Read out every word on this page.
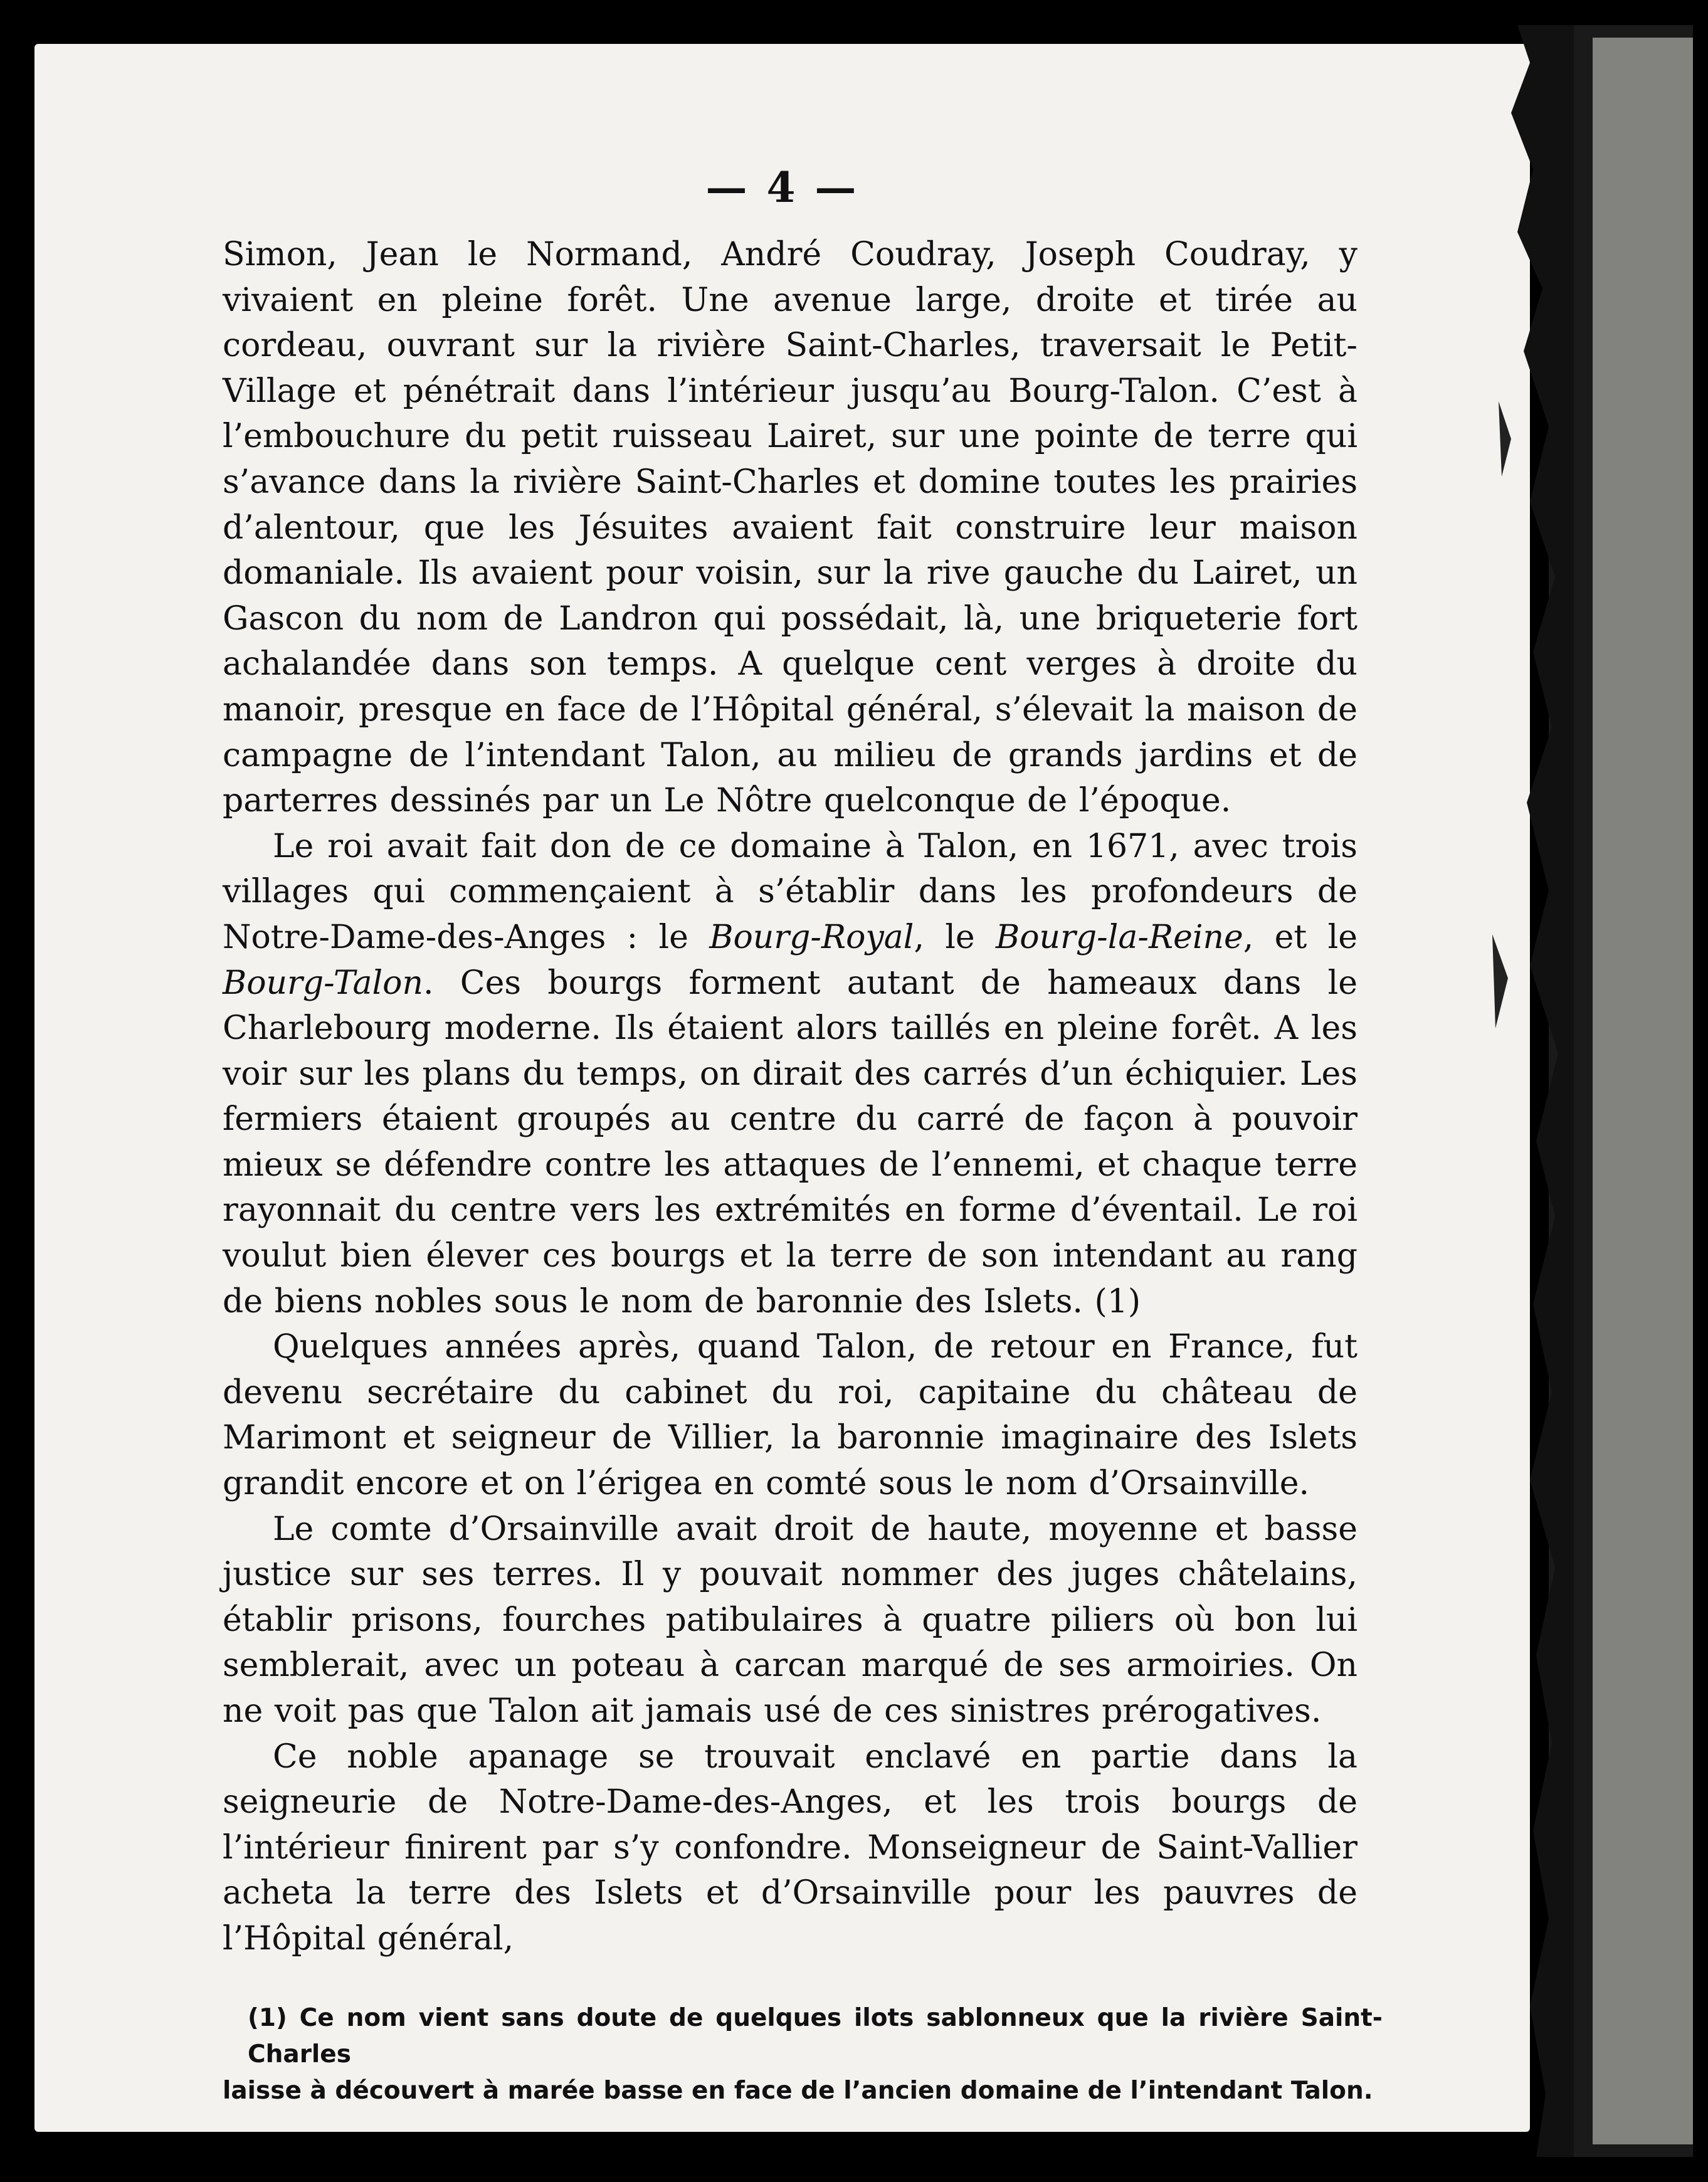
— 4 —

Simon, Jean le Normand, André Coudray, Joseph Coudray, y vivaient en pleine forêt. Une avenue large, droite et tirée au cordeau, ouvrant sur la rivière Saint-Charles, traversait le Petit-Village et pénétrait dans l’intérieur jusqu’au Bourg-Talon. C’est à l’embouchure du petit ruisseau Lairet, sur une pointe de terre qui s’avance dans la rivière Saint-Charles et domine toutes les prairies d’alentour, que les Jésuites avaient fait construire leur maison domaniale. Ils avaient pour voisin, sur la rive gauche du Lairet, un Gascon du nom de Landron qui possédait, là, une briqueterie fort achalandée dans son temps. A quelque cent verges à droite du manoir, presque en face de l’Hôpital général, s’élevait la maison de campagne de l’intendant Talon, au milieu de grands jardins et de parterres dessinés par un Le Nôtre quelconque de l’époque.

Le roi avait fait don de ce domaine à Talon, en 1671, avec trois villages qui commençaient à s’établir dans les profondeurs de Notre-Dame-des-Anges : le Bourg-Royal, le Bourg-la-Reine, et le Bourg-Talon. Ces bourgs forment autant de hameaux dans le Charlebourg moderne. Ils étaient alors taillés en pleine forêt. A les voir sur les plans du temps, on dirait des carrés d’un échiquier. Les fermiers étaient groupés au centre du carré de façon à pouvoir mieux se défendre contre les attaques de l’ennemi, et chaque terre rayonnait du centre vers les extrémités en forme d’éventail. Le roi voulut bien élever ces bourgs et la terre de son intendant au rang de biens nobles sous le nom de baronnie des Islets. (1)

Quelques années après, quand Talon, de retour en France, fut devenu secrétaire du cabinet du roi, capitaine du château de Marimont et seigneur de Villier, la baronnie imaginaire des Islets grandit encore et on l’érigea en comté sous le nom d’Orsainville.

Le comte d’Orsainville avait droit de haute, moyenne et basse justice sur ses terres. Il y pouvait nommer des juges châtelains, établir prisons, fourches patibulaires à quatre piliers où bon lui semblerait, avec un poteau à carcan marqué de ses armoiries. On ne voit pas que Talon ait jamais usé de ces sinistres prérogatives.

Ce noble apanage se trouvait enclavé en partie dans la seigneurie de Notre-Dame-des-Anges, et les trois bourgs de l’intérieur finirent par s’y confondre. Monseigneur de Saint-Vallier acheta la terre des Islets et d’Orsainville pour les pauvres de l’Hôpital général,

(1) Ce nom vient sans doute de quelques ilots sablonneux que la rivière Saint-Charles
laisse à découvert à marée basse en face de l’ancien domaine de l’intendant Talon.
